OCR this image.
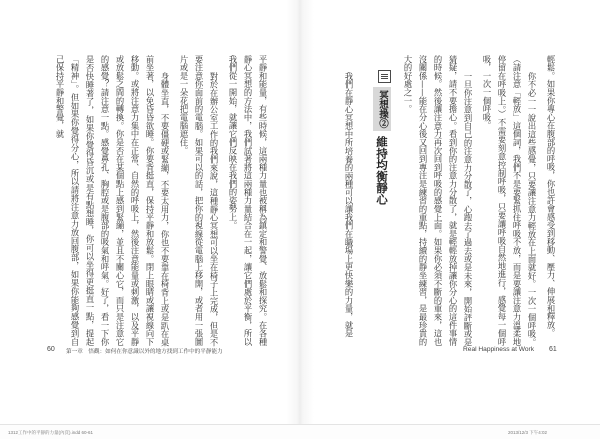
輕鬆。如果你專心在腹部的呼吸，你也許會感受到移動、壓力、伸展和釋放。

你不必一一說出這些感覺，只要讓注意力輕放在上面就好。一次一個呼吸。（請注意「輕放」這個詞，我們不是要緊抓住呼吸不放，而是要讓注意力溫柔地停留在呼吸上。）不需要刻意控制呼吸，只要讓呼吸自然地進行，感覺每一個呼吸，一次一個呼吸。

一旦你注意到自己的注意力分散了，心跑去了過去或是未來，開始評斷或是猜疑，請不要擔心。看到你的注意力分散了，就是輕輕放掉讓你分心的這件事情的時候。然後讓注意力再次回到呼吸的感覺上面。如果你必須不斷的重來，這也沒關係——能在分心後又回到專注是練習的重點，持續的靜坐練習，是最珍貴的大的好處之一。

冥想操②維持均衡靜心

我們在靜心冥想中所培養的兩種可以讓我們在職場上更快樂的力量，就是

平靜和能量，有些時候，這兩種力量也被稱為鎮定和警覺、放鬆和探究。在各種靜心冥想的方法中，我們試著將這兩種力量結合在一起，讓它們處於平衡，所以我們從一開始，就讓它們反映在我們的姿勢上。

對於在辦公室工作的我們來說，這種靜心冥想可以坐在椅子上完成，但是不要注意你面前的電腦。如果可以的話，把你的視線從電腦上移開，或者用一張圖片或是一朵花把電腦遮住。

身體坐直，不要僵硬或緊繃，不要太用力，你也不要靠在椅背上或是趴在桌前坐著，以免昏昏欲睡。你要背挺直，保持平靜和放鬆。閉上眼睛或讓視線向下移動。或將注意力集中在正常、自然的呼吸上，然後注意能量或刺激，以及平靜或放鬆之間的轉換。你是否在某個點上感到緊繃，並且不關心它，而只是注意它的感覺？請注意一點。感覺鼻孔、胸腔或是腹部的吸氣和呼氣。好了，看一下你是否快睡著了，如果你覺得昏沉或是有點想睡，你可以坐得更挺直一點，提起「精神」。但如果你覺得分心，所以請將注意力放回腹部，如果你能夠感覺到自己保持平靜和警覺，就

60 第一章　悟觀：如何在你意識以外的地方找到工作中的平靜能力	Real Happiness at Work 61
1312工作中的平靜的力量(內頁).indd 60-61	2013/12/3 下午4:02
